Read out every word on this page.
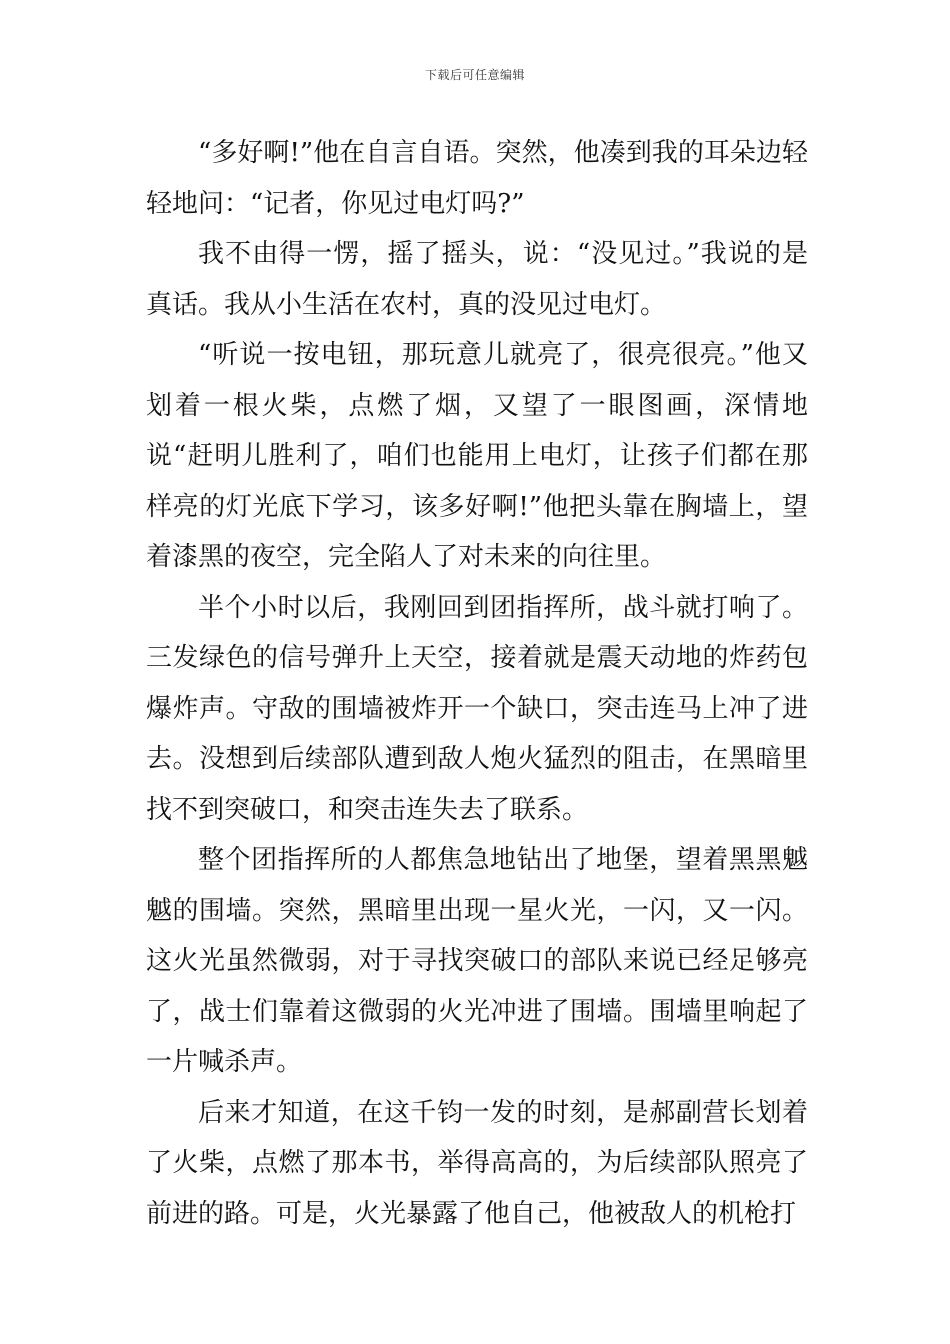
下载后可任意编辑

“多好啊!”他在自言自语。突然，他凑到我的耳朵边轻轻地问：“记者，你见过电灯吗?”

我不由得一愣，摇了摇头，说：“没见过。”我说的是真话。我从小生活在农村，真的没见过电灯。

“听说一按电钮，那玩意儿就亮了，很亮很亮。”他又划着一根火柴，点燃了烟，又望了一眼图画，深情地说“赶明儿胜利了，咱们也能用上电灯，让孩子们都在那样亮的灯光底下学习，该多好啊!”他把头靠在胸墙上，望着漆黑的夜空，完全陷人了对未来的向往里。

半个小时以后，我刚回到团指挥所，战斗就打响了。三发绿色的信号弹升上天空，接着就是震天动地的炸药包爆炸声。守敌的围墙被炸开一个缺口，突击连马上冲了进去。没想到后续部队遭到敌人炮火猛烈的阻击，在黑暗里找不到突破口，和突击连失去了联系。

整个团指挥所的人都焦急地钻出了地堡，望着黑黑魆魆的围墙。突然，黑暗里出现一星火光，一闪，又一闪。这火光虽然微弱，对于寻找突破口的部队来说已经足够亮了，战士们靠着这微弱的火光冲进了围墙。围墙里响起了一片喊杀声。

后来才知道，在这千钧一发的时刻，是郝副营长划着了火柴，点燃了那本书，举得高高的，为后续部队照亮了前进的路。可是，火光暴露了他自己，他被敌人的机枪打
